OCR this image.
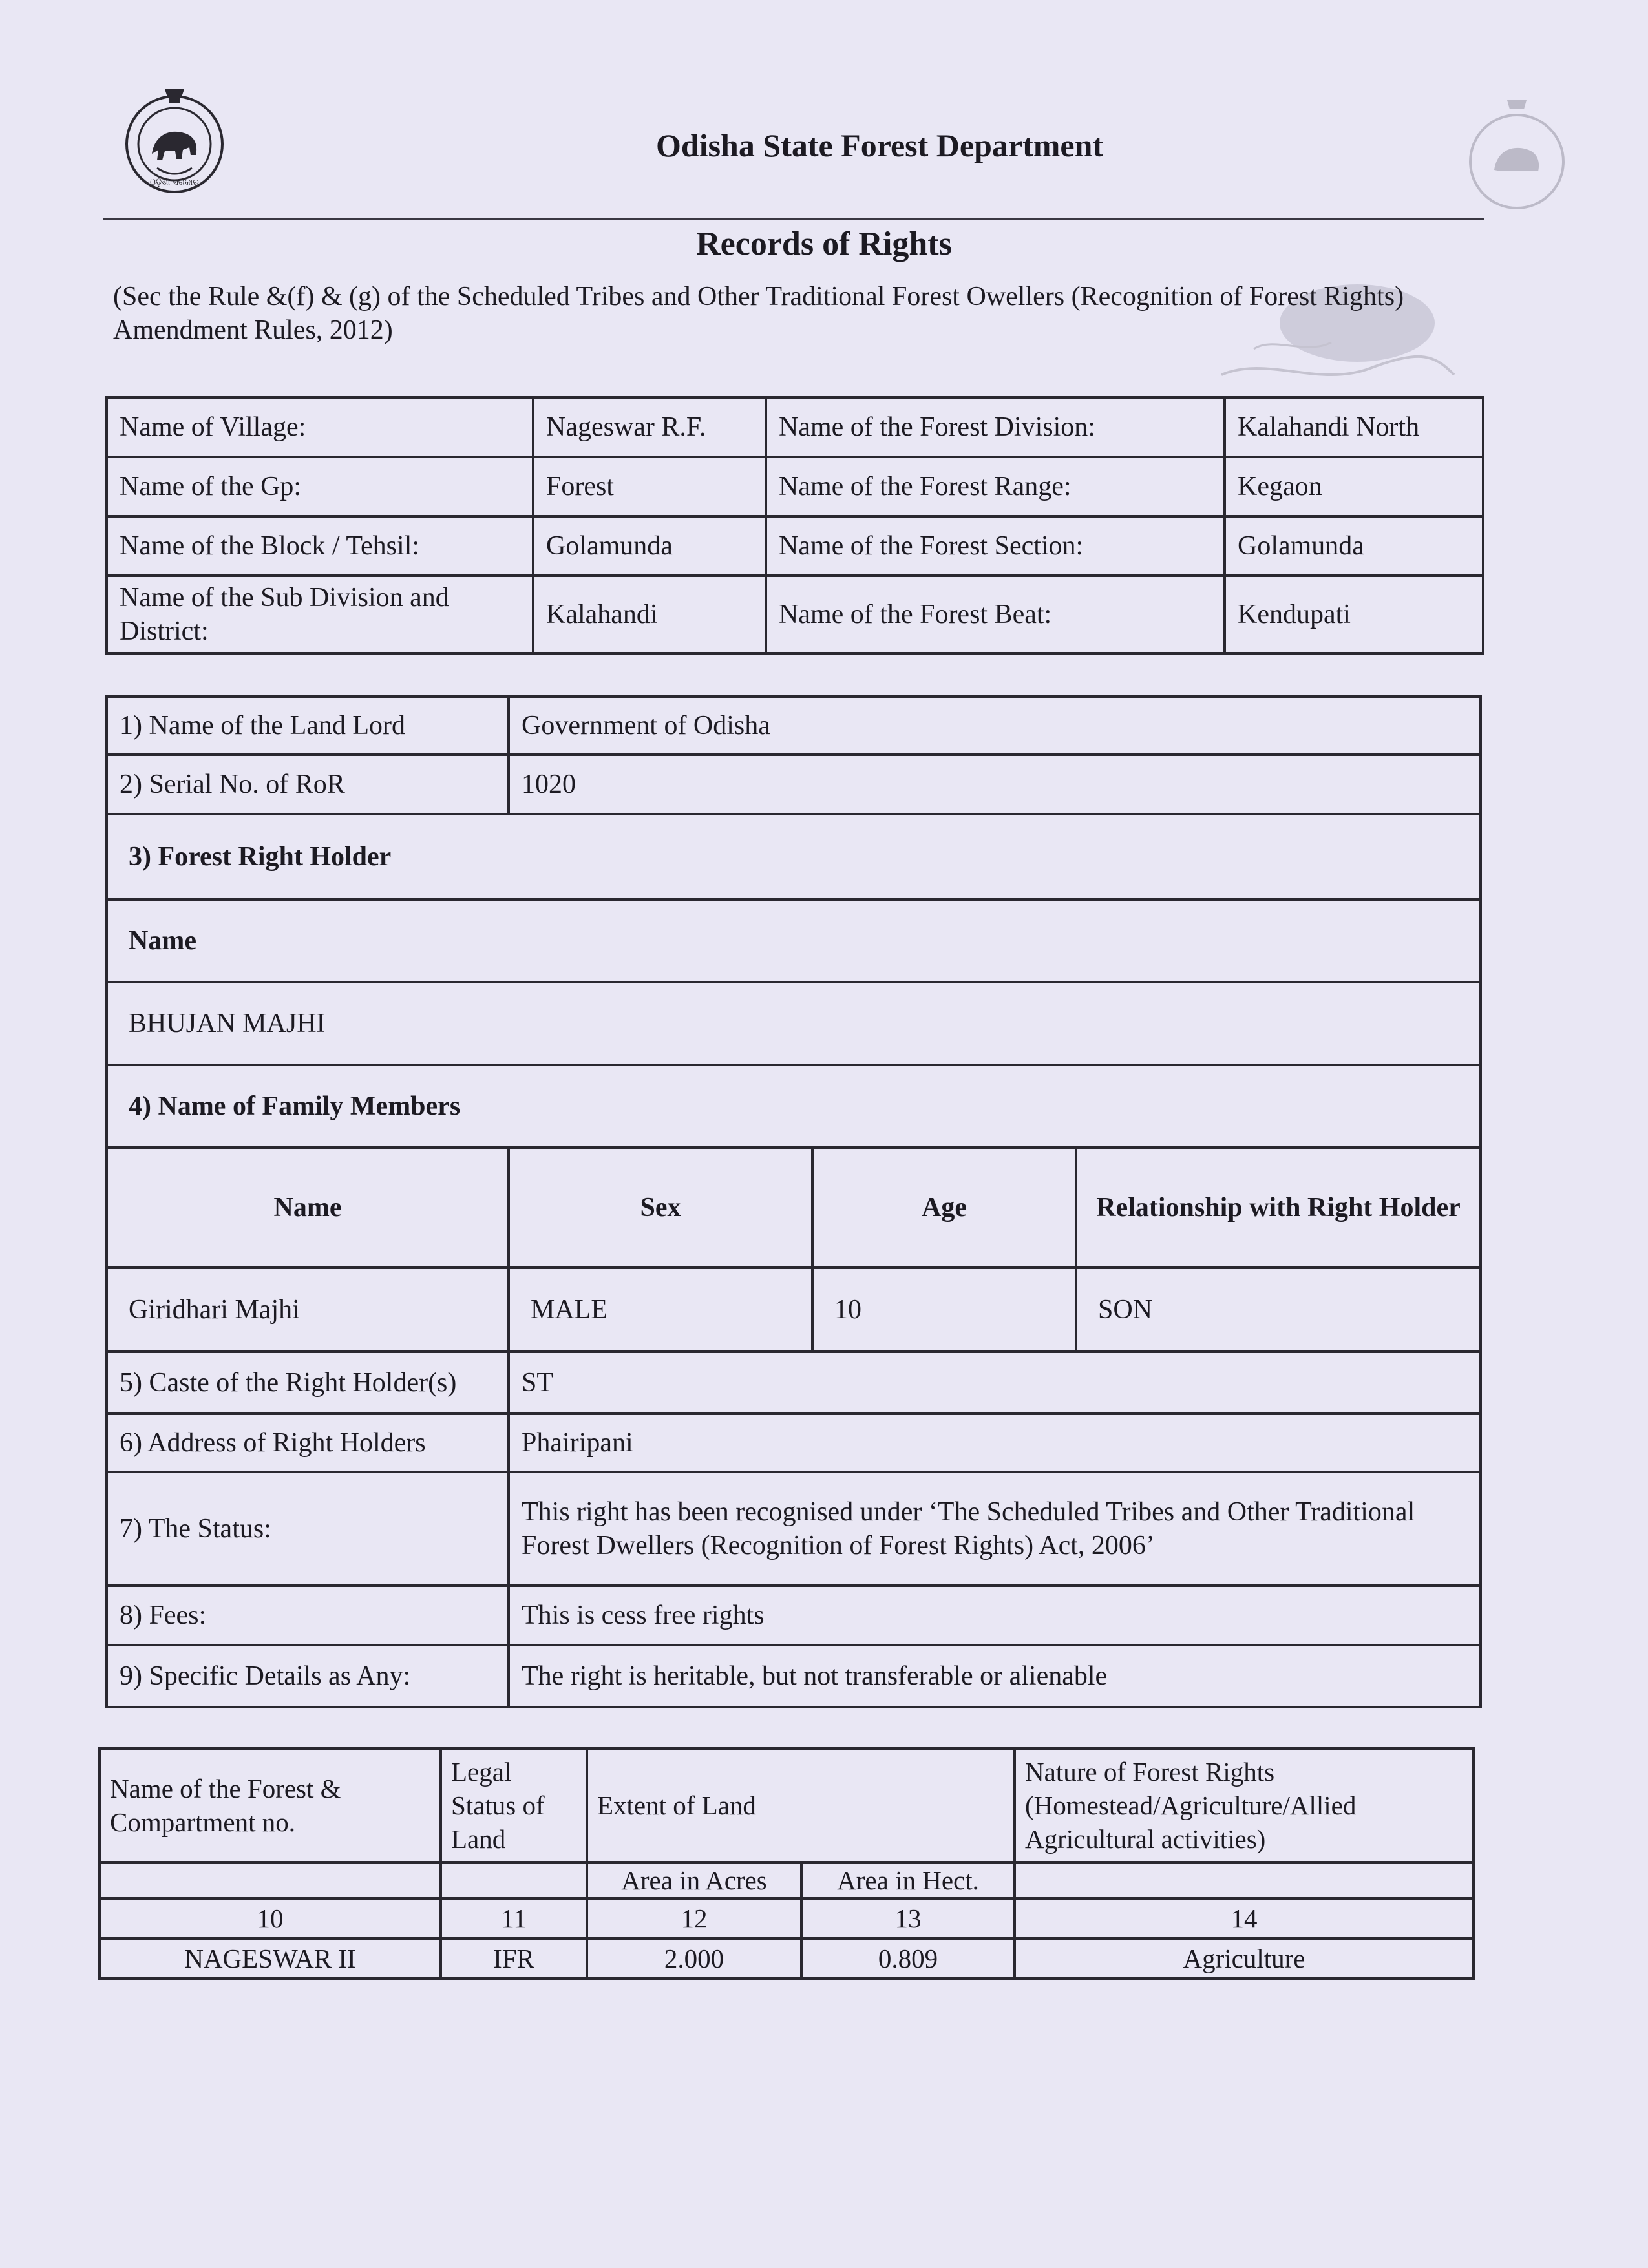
ଓଡ଼ିଶା ସରକାର
Odisha State Forest Department
Records of Rights
(Sec the Rule &(f) & (g) of the Scheduled Tribes and Other Traditional Forest Owellers (Recognition of Forest Rights) Amendment Rules, 2012)
Name of Village:	Nageswar R.F.	Name of the Forest Division:	Kalahandi North
Name of the Gp:	Forest	Name of the Forest Range:	Kegaon
Name of the Block / Tehsil:	Golamunda	Name of the Forest Section:	Golamunda
Name of the Sub Division and District:	Kalahandi	Name of the Forest Beat:	Kendupati
1) Name of the Land Lord	Government of Odisha		
2) Serial No. of RoR	1020		
3) Forest Right Holder			
Name			
BHUJAN MAJHI			
4) Name of Family Members			
Name	Sex	Age	Relationship with Right Holder
Giridhari Majhi	MALE	10	SON
5) Caste of the Right Holder(s)	ST		
6) Address of Right Holders	Phairipani		
7) The Status:	This right has been recognised under ‘The Scheduled Tribes and Other Traditional
Forest Dwellers (Recognition of Forest Rights) Act, 2006’		

8) Fees:	This is cess free rights		
9) Specific Details as Any:	The right is heritable, but not transferable or alienable		
Name of the Forest & Compartment no.	Legal Status of Land	Extent of Land		Nature of Forest Rights (Homestead/Agriculture/Allied Agricultural activities)
		Area in Acres	Area in Hect.	
10	11	12	13	14
NAGESWAR II	IFR	2.000	0.809	Agriculture
